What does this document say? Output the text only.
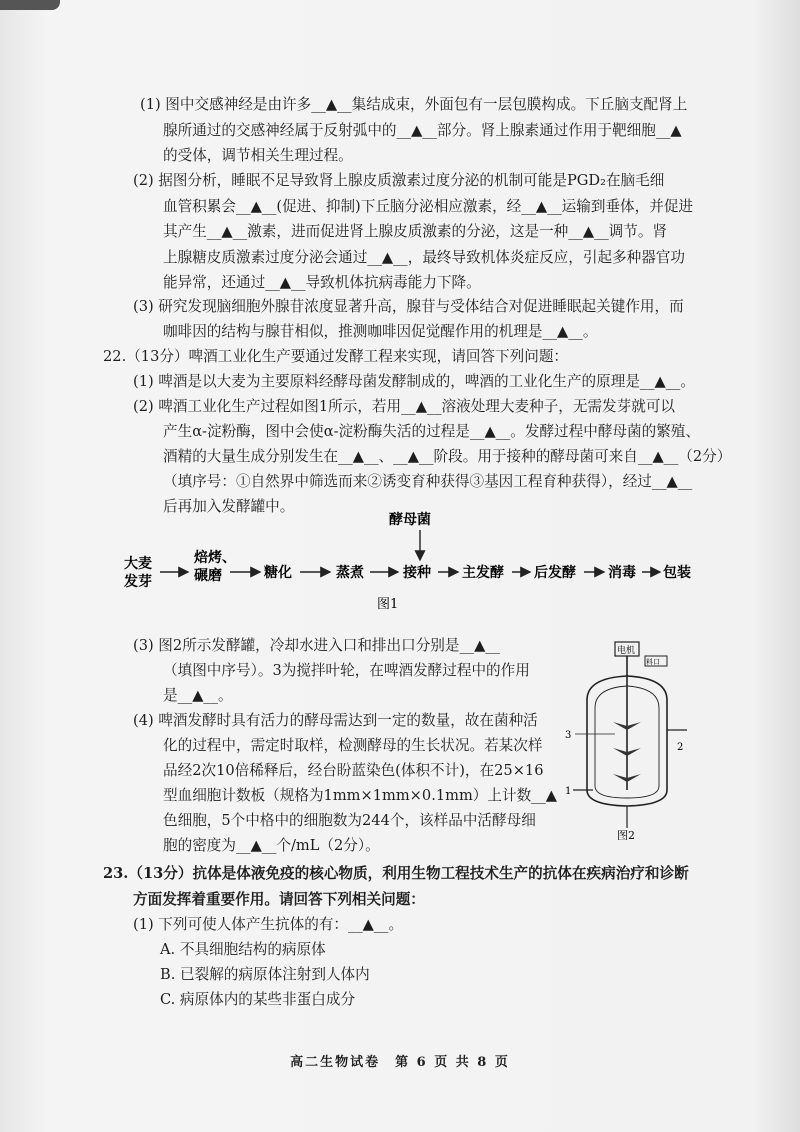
(1) 图中交感神经是由许多__▲__集结成束，外面包有一层包膜构成。下丘脑支配肾上
腺所通过的交感神经属于反射弧中的__▲__部分。肾上腺素通过作用于靶细胞__▲
的受体，调节相关生理过程。
(2) 据图分析，睡眠不足导致肾上腺皮质激素过度分泌的机制可能是PGD₂在脑毛细
血管积累会__▲__(促进、抑制)下丘脑分泌相应激素，经__▲__运输到垂体，并促进
其产生__▲__激素，进而促进肾上腺皮质激素的分泌，这是一种__▲__调节。肾
上腺糖皮质激素过度分泌会通过__▲__，最终导致机体炎症反应，引起多种器官功
能异常，还通过__▲__导致机体抗病毒能力下降。
(3) 研究发现脑细胞外腺苷浓度显著升高，腺苷与受体结合对促进睡眠起关键作用，而
咖啡因的结构与腺苷相似，推测咖啡因促觉醒作用的机理是__▲__。
22.（13分）啤酒工业化生产要通过发酵工程来实现，请回答下列问题：
(1) 啤酒是以大麦为主要原料经酵母菌发酵制成的，啤酒的工业化生产的原理是__▲__。
(2) 啤酒工业化生产过程如图1所示，若用__▲__溶液处理大麦种子，无需发芽就可以
产生α-淀粉酶，图中会使α-淀粉酶失活的过程是__▲__。发酵过程中酵母菌的繁殖、
酒精的大量生成分别发生在__▲__、__▲__阶段。用于接种的酵母菌可来自__▲__（2分）
（填序号：①自然界中筛选而来②诱变育种获得③基因工程育种获得），经过__▲__
后再加入发酵罐中。
酵母菌
大麦
发芽
焙烤、
碾磨	糖化	蒸煮	接种 主发酵 后发酵 消毒 包装
图1
(3) 图2所示发酵罐，冷却水进入口和排出口分别是__▲__
（填图中序号）。3为搅拌叶轮，在啤酒发酵过程中的作用
是__▲__。
(4) 啤酒发酵时具有活力的酵母需达到一定的数量，故在菌种活
化的过程中，需定时取样，检测酵母的生长状况。若某次样
品经2次10倍稀释后，经台盼蓝染色(体积不计)，在25×16
型血细胞计数板（规格为1mm×1mm×0.1mm）上计数__▲
色细胞，5个中格中的细胞数为244个，该样品中活酵母细
胞的密度为__▲__个/mL（2分）。
电机
料口
3
2
1
图2
23.（13分）抗体是体液免疫的核心物质，利用生物工程技术生产的抗体在疾病治疗和诊断
方面发挥着重要作用。请回答下列相关问题：
(1) 下列可使人体产生抗体的有：__▲__。
A. 不具细胞结构的病原体
B. 已裂解的病原体注射到人体内
C. 病原体内的某些非蛋白成分
高二生物试卷　第 6 页 共 8 页
